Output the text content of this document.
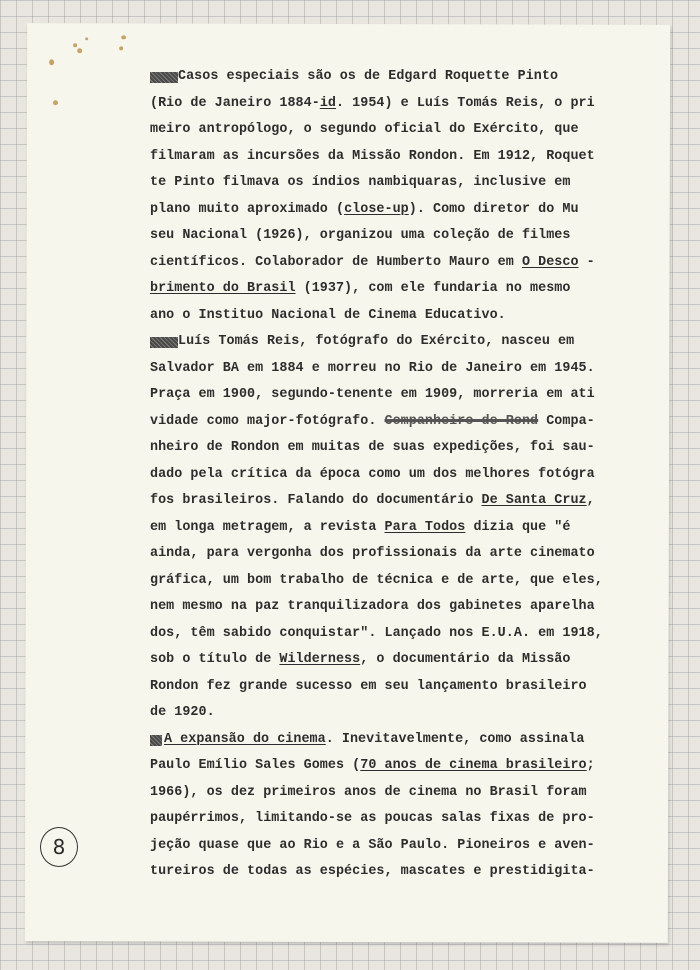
Casos especiais são os de Edgard Roquette Pinto
(Rio de Janeiro 1884-id. 1954) e Luís Tomás Reis, o pri
meiro antropólogo, o segundo oficial do Exército, que
filmaram as incursões da Missão Rondon. Em 1912, Roquet
te Pinto filmava os índios nambiquaras, inclusive em
plano muito aproximado (close-up). Como diretor do Mu
seu Nacional (1926), organizou uma coleção de filmes
científicos. Colaborador de Humberto Mauro em O Desco -
brimento do Brasil (1937), com ele fundaria no mesmo
ano o Instituo Nacional de Cinema Educativo.
Luís Tomás Reis, fotógrafo do Exército, nasceu em
Salvador BA em 1884 e morreu no Rio de Janeiro em 1945.
Praça em 1900, segundo-tenente em 1909, morreria em ati
vidade como major-fotógrafo. Companheiro de Rond Compa-
nheiro de Rondon em muitas de suas expedições, foi sau-
dado pela crítica da época como um dos melhores fotógra
fos brasileiros. Falando do documentário De Santa Cruz,
em longa metragem, a revista Para Todos dizia que "é
ainda, para vergonha dos profissionais da arte cinemato
gráfica, um bom trabalho de técnica e de arte, que eles,
nem mesmo na paz tranquilizadora dos gabinetes aparelha
dos, têm sabido conquistar". Lançado nos E.U.A. em 1918,
sob o título de Wilderness, o documentário da Missão
Rondon fez grande sucesso em seu lançamento brasileiro
de 1920.
A expansão do cinema. Inevitavelmente, como assinala
Paulo Emílio Sales Gomes (70 anos de cinema brasileiro;
1966), os dez primeiros anos de cinema no Brasil foram
paupérrimos, limitando-se as poucas salas fixas de pro-
jeção quase que ao Rio e a São Paulo. Pioneiros e aven-
tureiros de todas as espécies, mascates e prestidigita-
8
